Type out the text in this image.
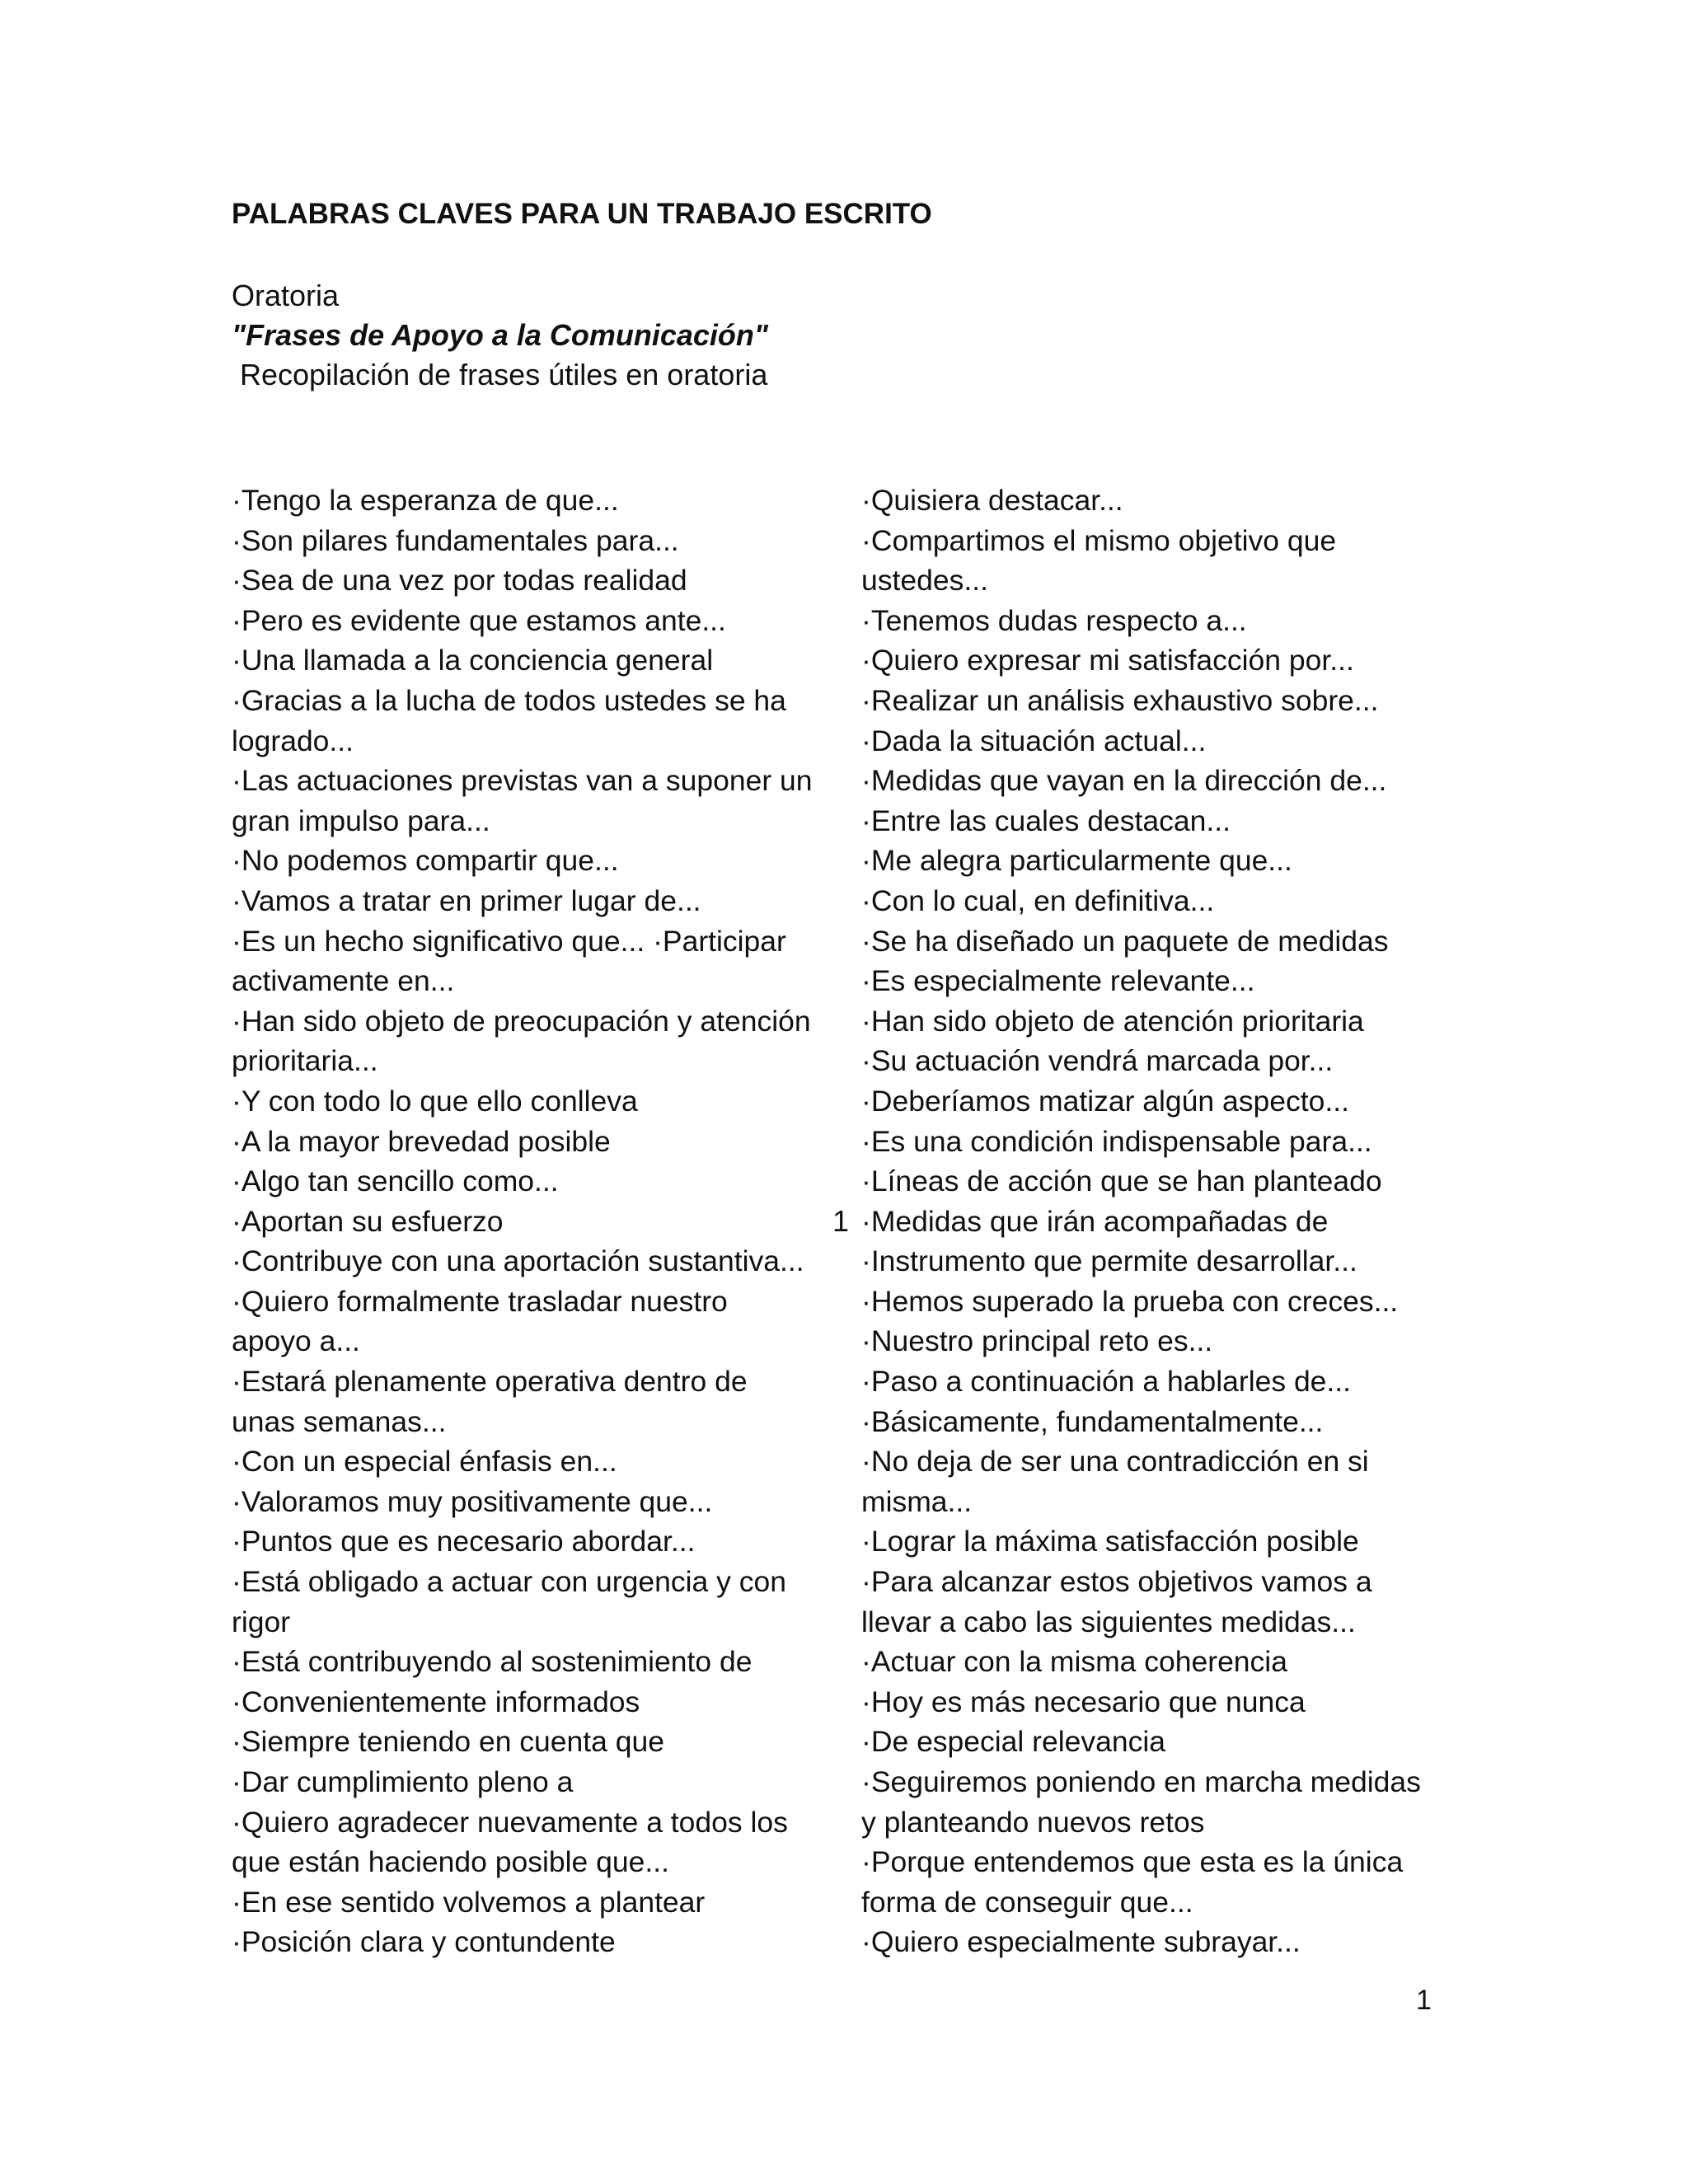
PALABRAS CLAVES PARA UN TRABAJO ESCRITO
Oratoria
"Frases de Apoyo a la Comunicación"
Recopilación de frases útiles en oratoria
·Tengo la esperanza de que...
·Son pilares fundamentales para...
·Sea de una vez por todas realidad
·Pero es evidente que estamos ante...
·Una llamada a la conciencia general
·Gracias a la lucha de todos ustedes se ha
logrado...
·Las actuaciones previstas van a suponer un
gran impulso para...
·No podemos compartir que...
·Vamos a tratar en primer lugar de...
·Es un hecho significativo que... ·Participar
activamente en...
·Han sido objeto de preocupación y atención
prioritaria...
·Y con todo lo que ello conlleva
·A la mayor brevedad posible
·Algo tan sencillo como...
·Aportan su esfuerzo
·Contribuye con una aportación sustantiva...
·Quiero formalmente trasladar nuestro
apoyo a...
·Estará plenamente operativa dentro de
unas semanas...
·Con un especial énfasis en...
·Valoramos muy positivamente que...
·Puntos que es necesario abordar...
·Está obligado a actuar con urgencia y con
rigor
·Está contribuyendo al sostenimiento de
·Convenientemente informados
·Siempre teniendo en cuenta que
·Dar cumplimiento pleno a
·Quiero agradecer nuevamente a todos los
que están haciendo posible que...
·En ese sentido volvemos a plantear
·Posición clara y contundente
·Quisiera destacar...
·Compartimos el mismo objetivo que
ustedes...
·Tenemos dudas respecto a...
·Quiero expresar mi satisfacción por...
·Realizar un análisis exhaustivo sobre...
·Dada la situación actual...
·Medidas que vayan en la dirección de...
·Entre las cuales destacan...
·Me alegra particularmente que...
·Con lo cual, en definitiva...
·Se ha diseñado un paquete de medidas
·Es especialmente relevante...
·Han sido objeto de atención prioritaria
·Su actuación vendrá marcada por...
·Deberíamos matizar algún aspecto...
·Es una condición indispensable para...
·Líneas de acción que se han planteado
·Medidas que irán acompañadas de
·Instrumento que permite desarrollar...
·Hemos superado la prueba con creces...
·Nuestro principal reto es...
·Paso a continuación a hablarles de...
·Básicamente, fundamentalmente...
·No deja de ser una contradicción en si
misma...
·Lograr la máxima satisfacción posible
·Para alcanzar estos objetivos vamos a
llevar a cabo las siguientes medidas...
·Actuar con la misma coherencia
·Hoy es más necesario que nunca
·De especial relevancia
·Seguiremos poniendo en marcha medidas
y planteando nuevos retos
·Porque entendemos que esta es la única
forma de conseguir que...
·Quiero especialmente subrayar...
1
1
